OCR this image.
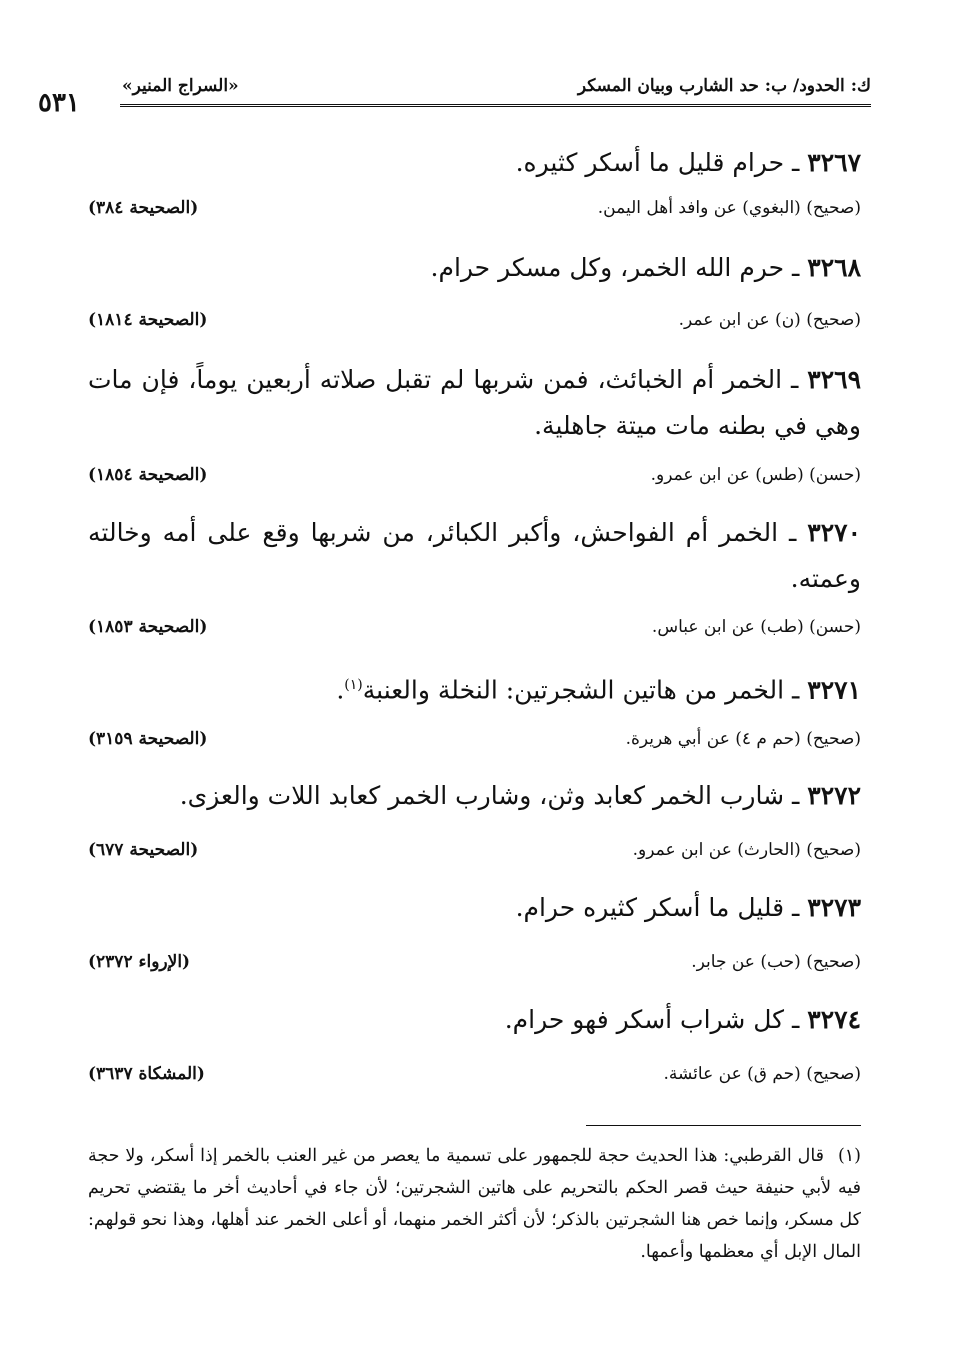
٥٣١
«السراج المنير»	ك: الحدود/ ب: حد الشارب وبيان المسكر
٣٢٦٧ ـ حرام قليل ما أسكر كثيره.
(صحيح) (البغوي) عن وافد أهل اليمن.
(الصحيحة ٣٨٤)
٣٢٦٨ ـ حرم الله الخمر، وكل مسكر حرام.
(صحيح) (ن) عن ابن عمر.
(الصحيحة ١٨١٤)
٣٢٦٩ ـ الخمر أم الخبائث، فمن شربها لم تقبل صلاته أربعين يوماً، فإن مات وهي في بطنه مات ميتة جاهلية.
(حسن) (طس) عن ابن عمرو.
(الصحيحة ١٨٥٤)
٣٢٧٠ ـ الخمر أم الفواحش، وأكبر الكبائر، من شربها وقع على أمه وخالته وعمته.
(حسن) (طب) عن ابن عباس.
(الصحيحة ١٨٥٣)
٣٢٧١ ـ الخمر من هاتين الشجرتين: النخلة والعنبة$^{(١)}$.
(صحيح) (حم م ٤) عن أبي هريرة.
(الصحيحة ٣١٥٩)
٣٢٧٢ ـ شارب الخمر كعابد وثن، وشارب الخمر كعابد اللات والعزى.
(صحيح) (الحارث) عن ابن عمرو.
(الصحيحة ٦٧٧)
٣٢٧٣ ـ قليل ما أسكر كثيره حرام.
(صحيح) (حب) عن جابر.
(الإرواء ٢٣٧٢)
٣٢٧٤ ـ كل شراب أسكر فهو حرام.
(صحيح) (حم ق) عن عائشة.
(المشكاة ٣٦٣٧)
(١) قال القرطبي: هذا الحديث حجة للجمهور على تسمية ما يعصر من غير العنب بالخمر إذا أسكر، ولا حجة فيه لأبي حنيفة حيث قصر الحكم بالتحريم على هاتين الشجرتين؛ لأن جاء في أحاديث أخر ما يقتضي تحريم كل مسكر، وإنما خص هنا الشجرتين بالذكر؛ لأن أكثر الخمر منهما، أو أعلى الخمر عند أهلها، وهذا نحو قولهم: المال الإبل أي معظمها وأعمها.
